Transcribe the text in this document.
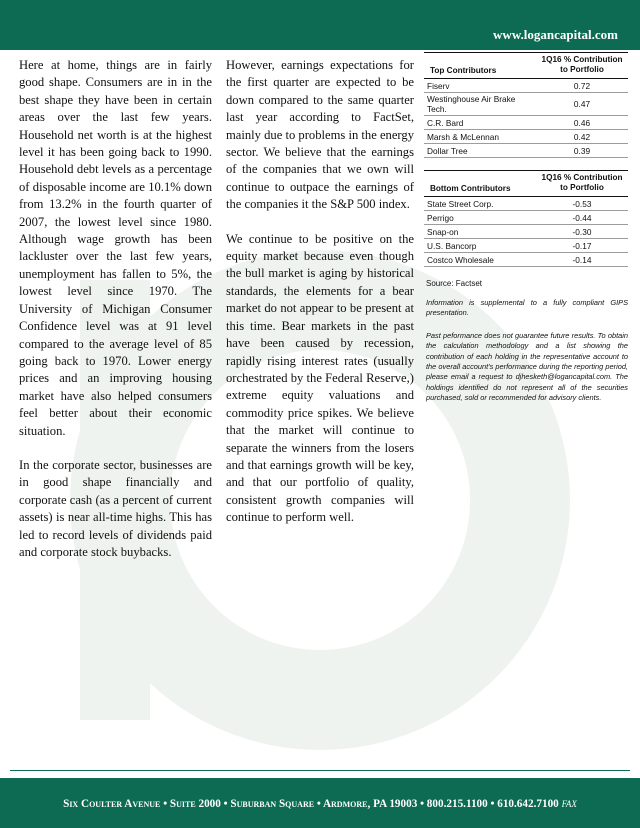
www.logancapital.com

Here at home, things are in fairly good shape. Consumers are in in the best shape they have been in certain areas over the last few years. Household net worth is at the highest level it has been going back to 1990. Household debt levels as a percentage of disposable income are 10.1% down from 13.2% in the fourth quarter of 2007, the lowest level since 1980. Although wage growth has been lackluster over the last few years, unemployment has fallen to 5%, the lowest level since 1970. The University of Michigan Consumer Confidence level was at 91 level compared to the average level of 85 going back to 1970. Lower energy prices and an improving housing market have also helped consumers feel better about their economic situation.

In the corporate sector, businesses are in good shape financially and corporate cash (as a percent of current assets) is near all-time highs. This has led to record levels of dividends paid and corporate stock buybacks.

However, earnings expectations for the first quarter are expected to be down compared to the same quarter last year according to FactSet, mainly due to problems in the energy sector. We believe that the earnings of the companies that we own will continue to outpace the earnings of the companies it the S&P 500 index.

We continue to be positive on the equity market because even though the bull market is aging by historical standards, the elements for a bear market do not appear to be present at this time. Bear markets in the past have been caused by recession, rapidly rising interest rates (usually orchestrated by the Federal Reserve,) extreme equity valuations and commodity price spikes. We believe that the market will continue to separate the winners from the losers and that earnings growth will be key, and that our portfolio of quality, consistent growth companies will continue to perform well.

Top Contributors	1Q16 % Contribution to Portfolio
Fiserv	0.72
Westinghouse Air Brake Tech.	0.47
C.R. Bard	0.46
Marsh & McLennan	0.42
Dollar Tree	0.39
Bottom Contributors	1Q16 % Contribution to Portfolio
State Street Corp.	-0.53
Perrigo	-0.44
Snap-on	-0.30
U.S. Bancorp	-0.17
Costco Wholesale	-0.14
Source: Factset

Information is supplemental to a fully compliant GIPS presentation.

Past peformance does not guarantee future results. To obtain the calculation methodology and a list showing the contribution of each holding in the representative account to the overall account's performance during the reporting period, please email a request to djhesketh@logancapital.com. The holdings identified do not represent all of the securities purchased, sold or recommended for advisory clients.

Six Coulter Avenue • Suite 2000 • Suburban Square • Ardmore, PA 19003 • 800.215.1100 • 610.642.7100 FAX
